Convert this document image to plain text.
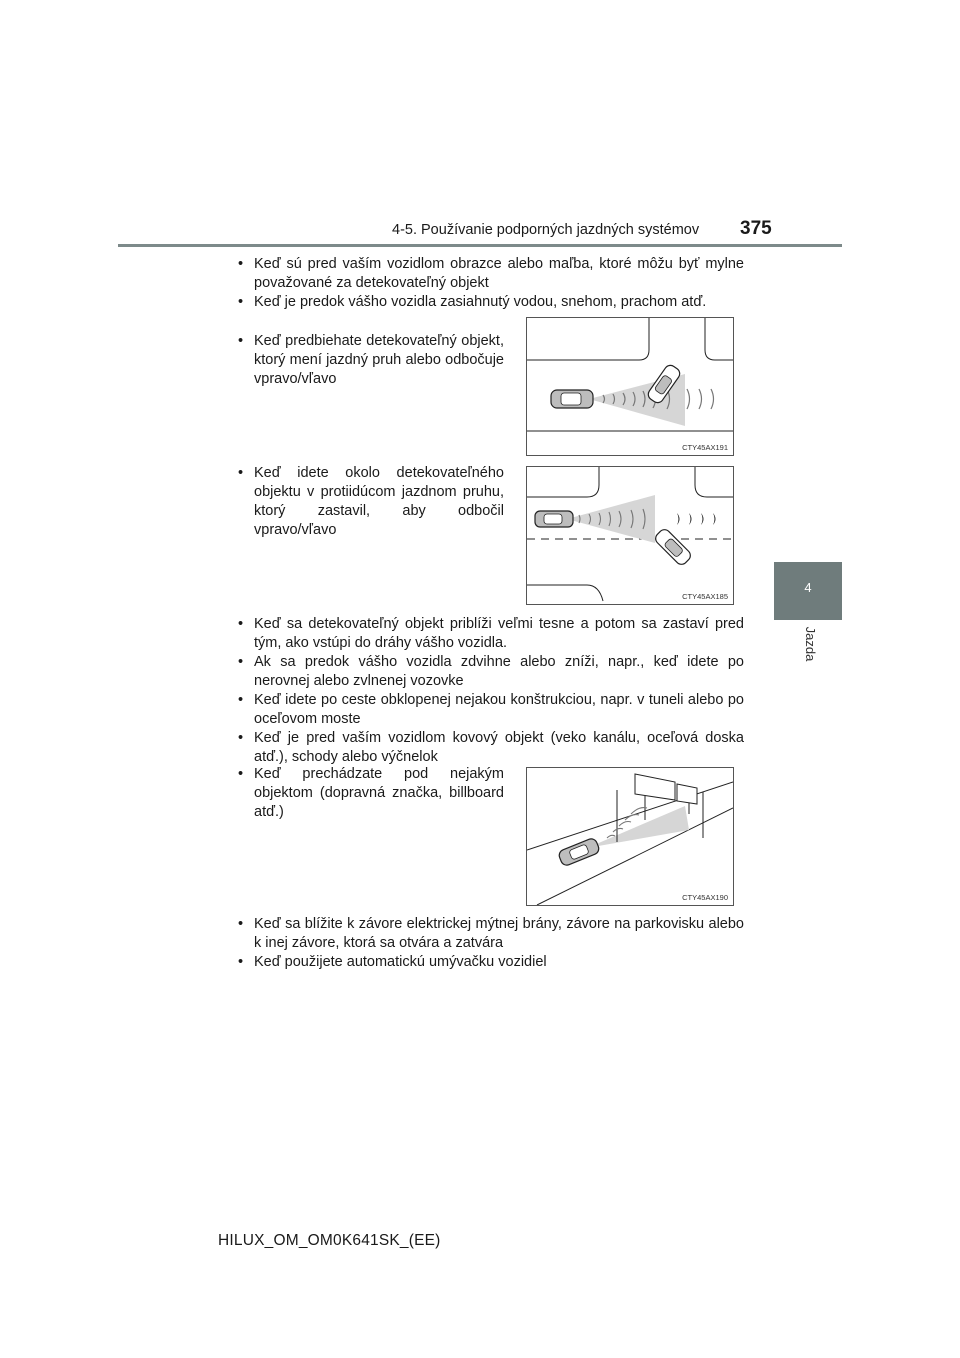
4-5. Používanie podporných jazdných systémov 375
4
Jazda
• Keď sú pred vaším vozidlom obrazce alebo maľba, ktoré môžu byť mylne považované za detekovateľný objekt
• Keď je predok vášho vozidla zasiahnutý vodou, snehom, prachom atď.
• Keď predbiehate detekovateľný objekt, ktorý mení jazdný pruh alebo odbočuje vpravo/vľavo
CTY45AX191
• Keď idete okolo detekovateľného objektu v protiidúcom jazdnom pruhu, ktorý zastavil, aby odbočil vpravo/vľavo
CTY45AX185
• Keď sa detekovateľný objekt priblíži veľmi tesne a potom sa zastaví pred tým, ako vstúpi do dráhy vášho vozidla.
• Ak sa predok vášho vozidla zdvihne alebo zníži, napr., keď idete po nerovnej alebo zvlnenej vozovke
• Keď idete po ceste obklopenej nejakou konštrukciou, napr. v tuneli alebo po oceľovom moste
• Keď je pred vaším vozidlom kovový objekt (veko kanálu, oceľová doska atď.), schody alebo výčnelok
• Keď prechádzate pod nejakým objektom (dopravná značka, billboard atď.)
CTY45AX190
• Keď sa blížite k závore elektrickej mýtnej brány, závore na parkovisku alebo k inej závore, ktorá sa otvára a zatvára
• Keď použijete automatickú umývačku vozidiel
HILUX_OM_OM0K641SK_(EE)
